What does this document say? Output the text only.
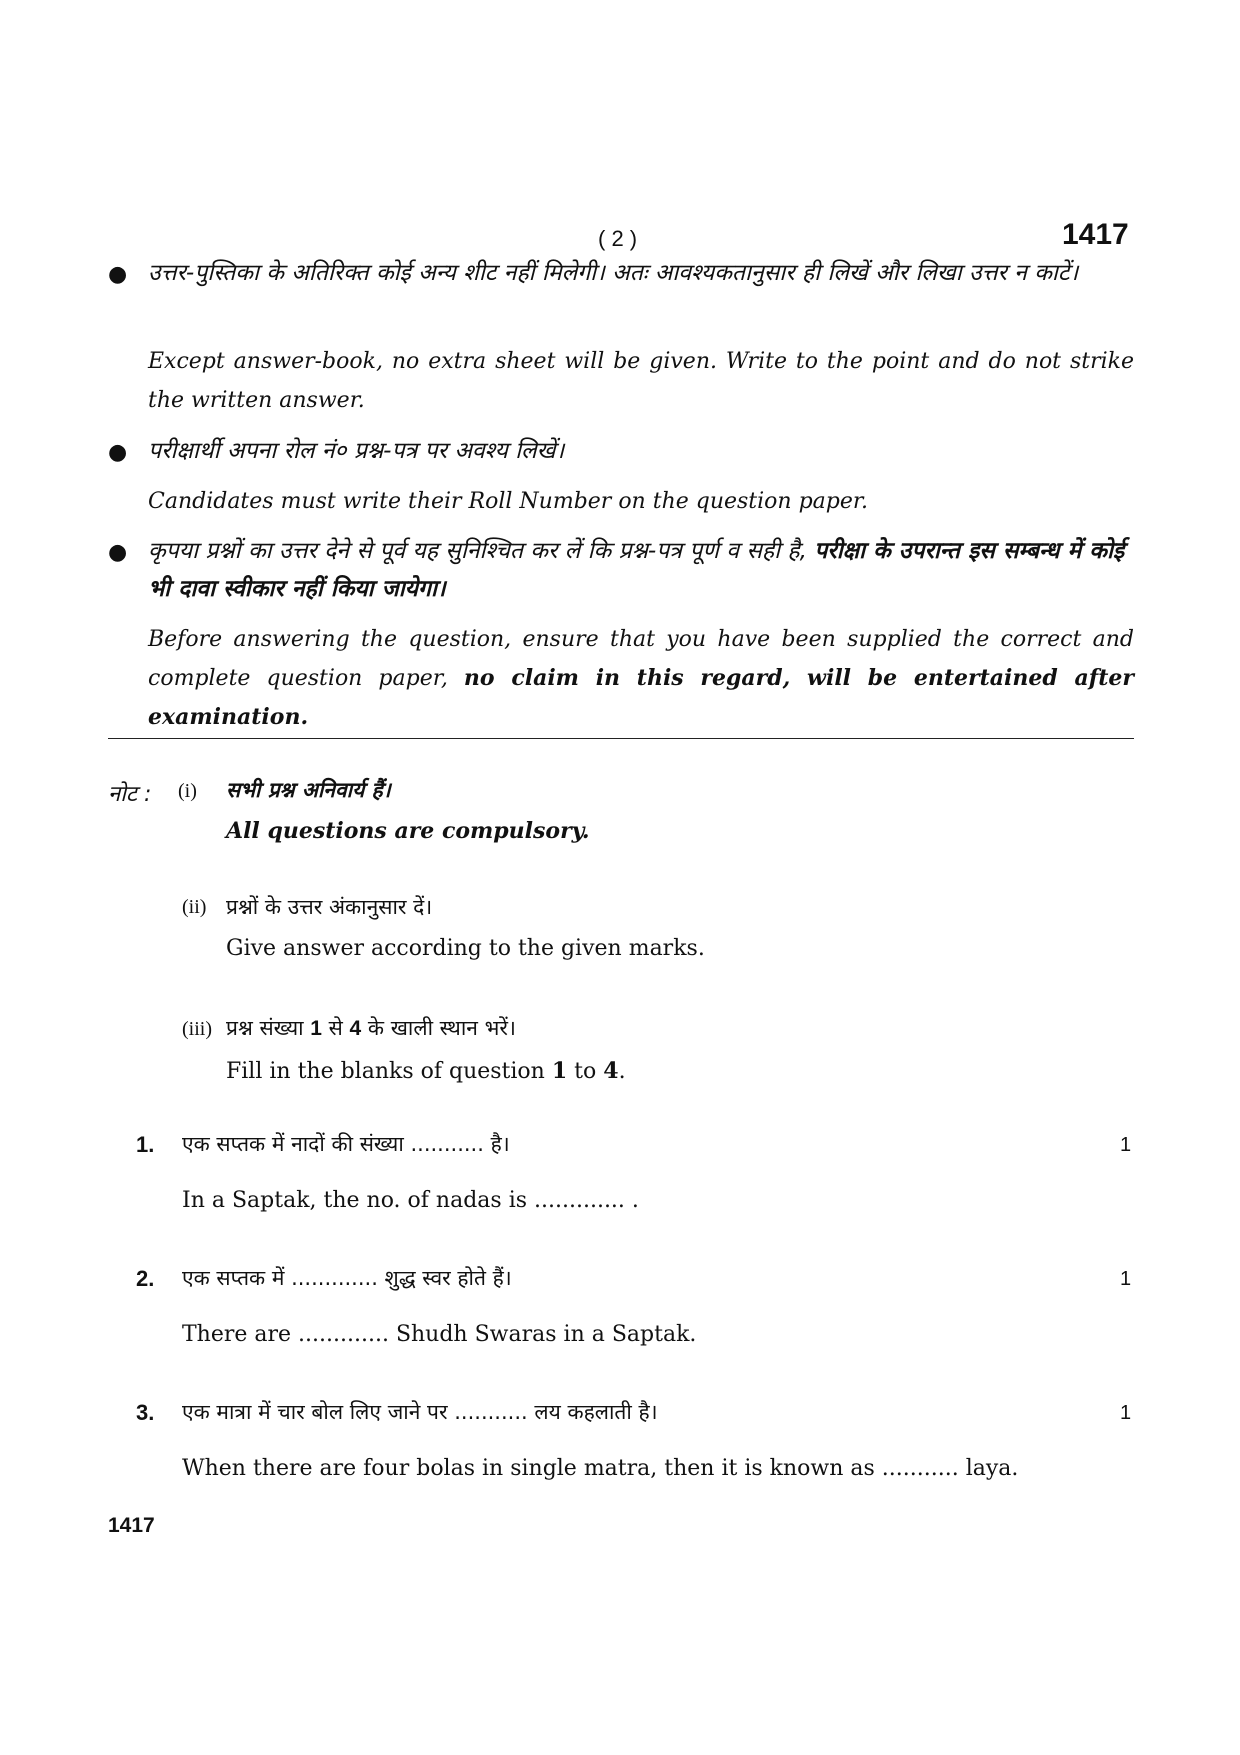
( 2 )	1417
● उत्तर-पुस्तिका के अतिरिक्त कोई अन्य शीट नहीं मिलेगी। अतः आवश्यकतानुसार ही लिखें और लिखा उत्तर न काटें।
Except answer-book, no extra sheet will be given. Write to the point and do not strike the written answer.
● परीक्षार्थी अपना रोल नं० प्रश्न-पत्र पर अवश्य लिखें।
Candidates must write their Roll Number on the question paper.
● कृपया प्रश्नों का उत्तर देने से पूर्व यह सुनिश्चित कर लें कि प्रश्न-पत्र पूर्ण व सही है, परीक्षा के उपरान्त इस सम्बन्ध में कोई भी दावा स्वीकार नहीं किया जायेगा।
Before answering the question, ensure that you have been supplied the correct and complete question paper, no claim in this regard, will be entertained after examination.
नोट : (i) सभी प्रश्न अनिवार्य हैं।
All questions are compulsory.
(ii) प्रश्नों के उत्तर अंकानुसार दें।
Give answer according to the given marks.
(iii) प्रश्न संख्या 1 से 4 के खाली स्थान भरें।
Fill in the blanks of question 1 to 4.
1. एक सप्तक में नादों की संख्या ........... है।	1
In a Saptak, the no. of nadas is ............. .
2. एक सप्तक में ............. शुद्ध स्वर होते हैं।	1
There are ............. Shudh Swaras in a Saptak.
3. एक मात्रा में चार बोल लिए जाने पर ........... लय कहलाती है।	1
When there are four bolas in single matra, then it is known as ........... laya.
1417
